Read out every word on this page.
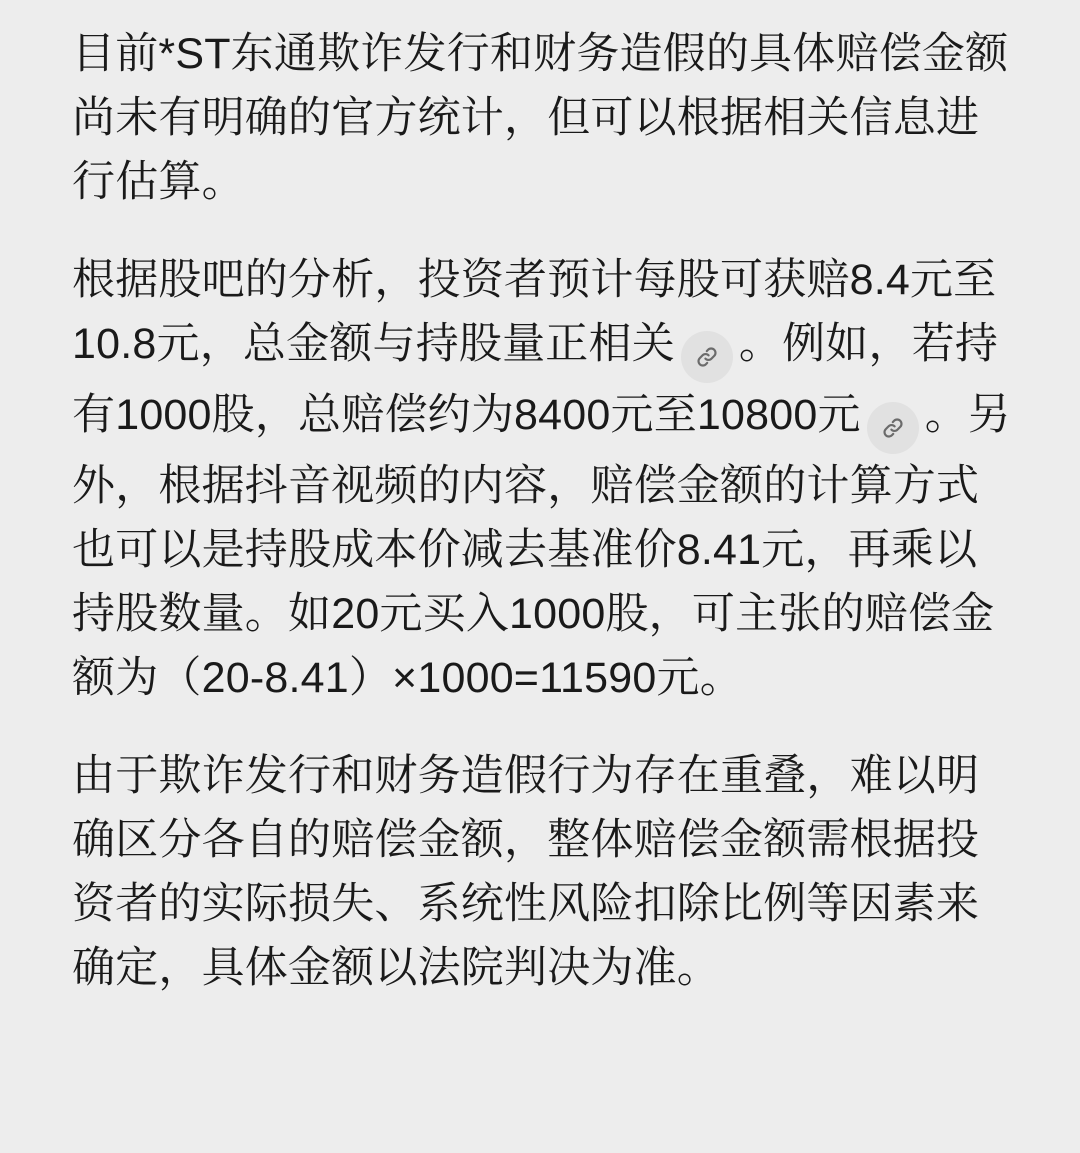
目前*ST东通欺诈发行和财务造假的具体赔偿金额尚未有明确的官方统计，但可以根据相关信息进行估算。

根据股吧的分析，投资者预计每股可获赔8.4元至10.8元，总金额与持股量正相关 。例如，若持有1000股，总赔偿约为8400元至10800元 。另外，根据抖音视频的内容，赔偿金额的计算方式也可以是持股成本价减去基准价8.41元，再乘以持股数量。如20元买入1000股，可主张的赔偿金额为（20-8.41）×1000=11590元。

由于欺诈发行和财务造假行为存在重叠，难以明确区分各自的赔偿金额，整体赔偿金额需根据投资者的实际损失、系统性风险扣除比例等因素来确定，具体金额以法院判决为准。
